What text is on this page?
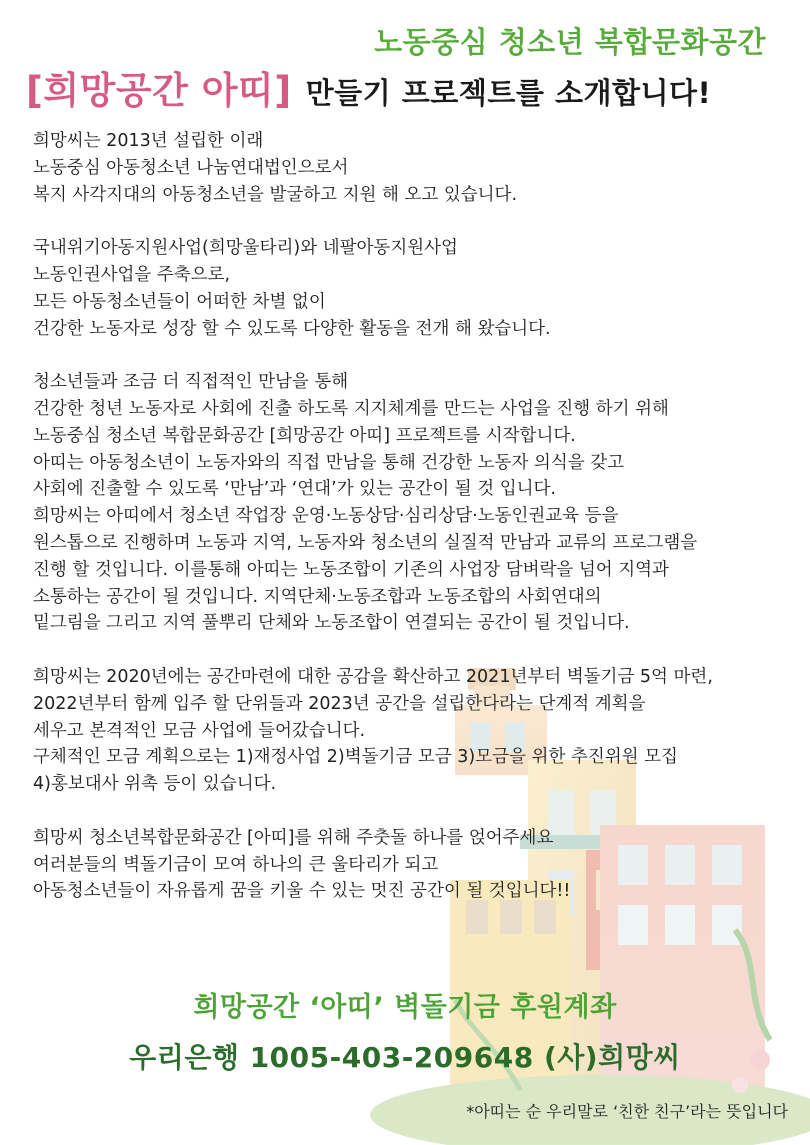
노동중심 청소년 복합문화공간
[희망공간 아띠] 만들기 프로젝트를 소개합니다!
희망씨는 2013년 설립한 이래
노동중심 아동청소년 나눔연대법인으로서
복지 사각지대의 아동청소년을 발굴하고 지원 해 오고 있습니다.
국내위기아동지원사업(희망울타리)와 네팔아동지원사업
노동인권사업을 주축으로,
모든 아동청소년들이 어떠한 차별 없이
건강한 노동자로 성장 할 수 있도록 다양한 활동을 전개 해 왔습니다.
청소년들과 조금 더 직접적인 만남을 통해
건강한 청년 노동자로 사회에 진출 하도록 지지체계를 만드는 사업을 진행 하기 위해
노동중심 청소년 복합문화공간 [희망공간 아띠] 프로젝트를 시작합니다.
아띠는 아동청소년이 노동자와의 직접 만남을 통해 건강한 노동자 의식을 갖고
사회에 진출할 수 있도록 ‘만남’과 ‘연대’가 있는 공간이 될 것 입니다.
희망씨는 아띠에서 청소년 작업장 운영·노동상담·심리상담·노동인권교육 등을
원스톱으로 진행하며 노동과 지역, 노동자와 청소년의 실질적 만남과 교류의 프로그램을
진행 할 것입니다. 이를통해 아띠는 노동조합이 기존의 사업장 담벼락을 넘어 지역과
소통하는 공간이 될 것입니다. 지역단체·노동조합과 노동조합의 사회연대의
밑그림을 그리고 지역 풀뿌리 단체와 노동조합이 연결되는 공간이 될 것입니다.
희망씨는 2020년에는 공간마련에 대한 공감을 확산하고 2021년부터 벽돌기금 5억 마련,
2022년부터 함께 입주 할 단위들과 2023년 공간을 설립한다라는 단계적 계획을
세우고 본격적인 모금 사업에 들어갔습니다.
구체적인 모금 계획으로는 1)재정사업 2)벽돌기금 모금 3)모금을 위한 추진위원 모집
4)홍보대사 위촉 등이 있습니다.
희망씨 청소년복합문화공간 [아띠]를 위해 주춧돌 하나를 얹어주세요
여러분들의 벽돌기금이 모여 하나의 큰 울타리가 되고
아동청소년들이 자유롭게 꿈을 키울 수 있는 멋진 공간이 될 것입니다!!
희망공간 ‘아띠’ 벽돌기금 후원계좌
우리은행 1005-403-209648 (사)희망씨
*아띠는 순 우리말로 ‘친한 친구’라는 뜻입니다
